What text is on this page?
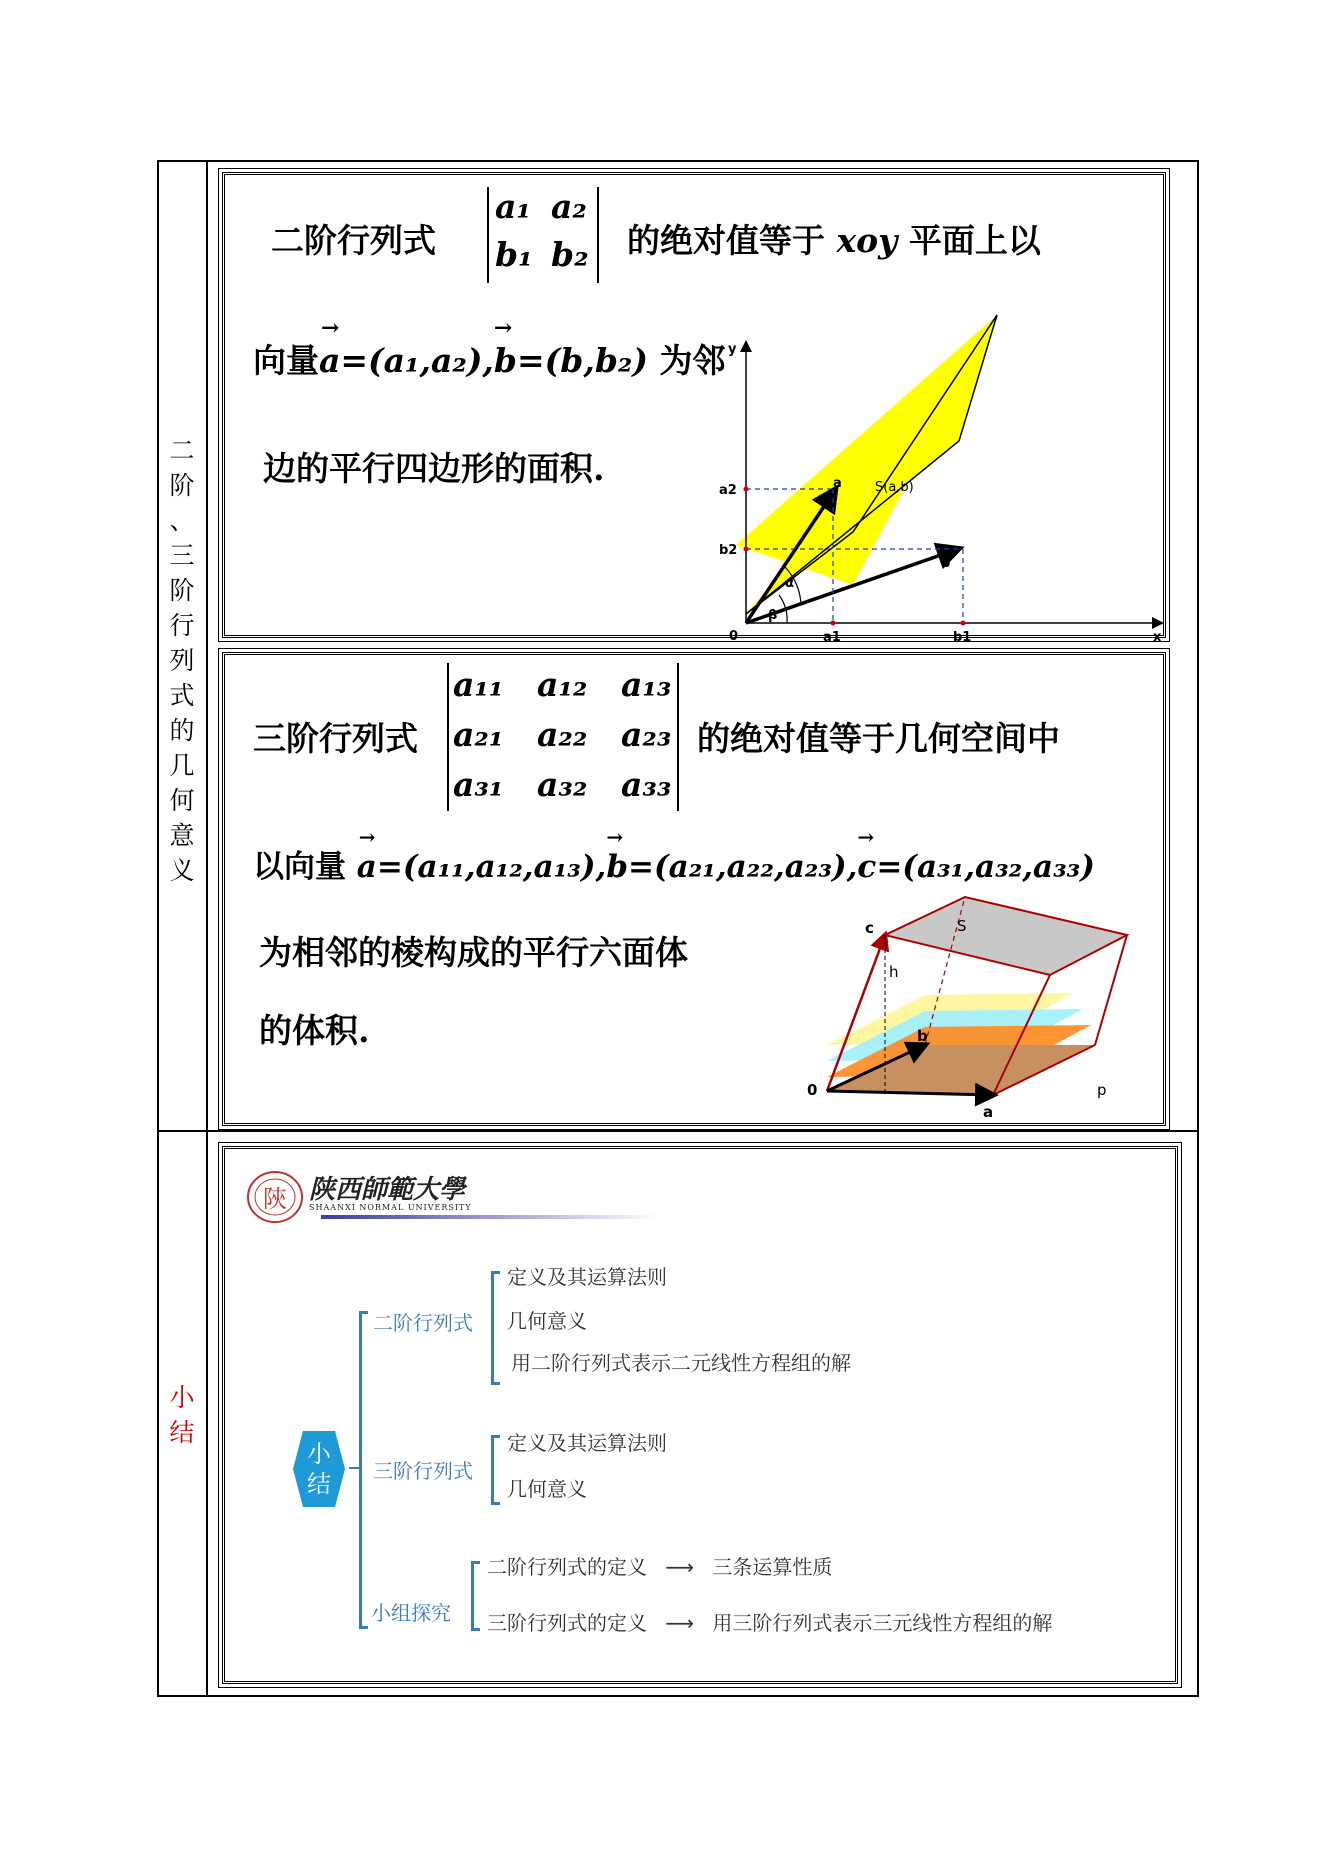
二
阶
、
三
阶
行
列
式
的
几
何
意
义
小
结
二阶行列式
a₁ a₂
b₁ b₂ 的绝对值等于 xoy 平面上以
向量
→
a=(a₁,a₂),
→
b=(b,b₂) 为邻
边的平行四边形的面积.
y
x
0
a2
b2
a1	b1
a
b
S(a,b)
α
β
三阶行列式
a₁₁ a₁₂ a₁₃
a₂₁ a₂₂ a₂₃
a₃₁ a₃₂ a₃₃
的绝对值等于几何空间中
以向量
→
a=(a₁₁,a₁₂,a₁₃),
→
b=(a₂₁,a₂₂,a₂₃),
→
c=(a₃₁,a₃₂,a₃₃)
为相邻的棱构成的平行六面体
的体积.
c	S
h
b
0	p
a
陝 陕西師範大學
SHAANXI NORMAL UNIVERSITY
小
结
二阶行列式
定义及其运算法则
几何意义
用二阶行列式表示二元线性方程组的解
三阶行列式
定义及其运算法则
几何意义
小组探究
二阶行列式的定义 ⟶ 三条运算性质
三阶行列式的定义 ⟶ 用三阶行列式表示三元线性方程组的解
